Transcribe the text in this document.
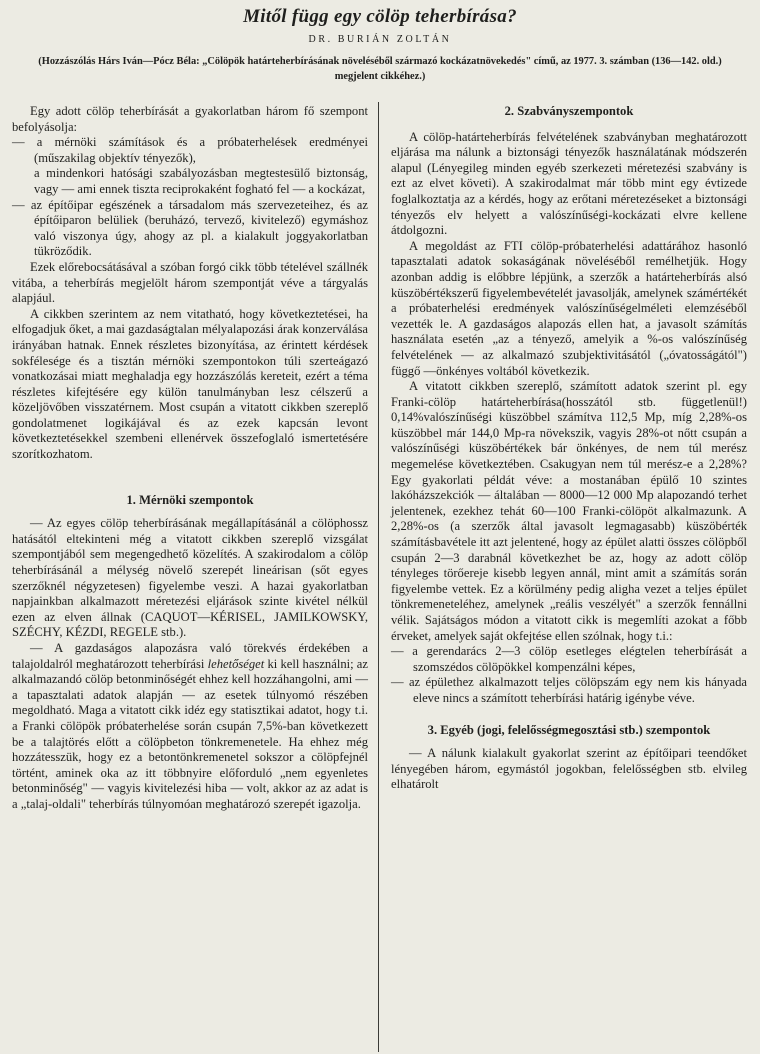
Mitől függ egy cölöp teherbírása?
DR. BURIÁN ZOLTÁN
(Hozzászólás Hárs Iván—Pócz Béla: „Cölöpök határteherbírásának növeléséből származó kockázatnövekedés" című, az 1977. 3. számban (136—142. old.) megjelent cikkéhez.)

Egy adott cölöp teherbírását a gyakorlatban három fő szempont befolyásolja:

— a mérnöki számítások és a próbaterhelések eredményei (műszakilag objektív tényezők),

a mindenkori hatósági szabályozásban megtestesülő biztonság, vagy — ami ennek tiszta reciprokaként fogható fel — a kockázat,

— az építőipar egészének a társadalom más szervezeteihez, és az építőiparon belüliek (beruházó, tervező, kivitelező) egymáshoz való viszonya úgy, ahogy az pl. a kialakult joggyakorlatban tükröződik.

Ezek előrebocsátásával a szóban forgó cikk több tételével szállnék vitába, a teherbírás megjelölt három szempontját véve a tárgyalás alapjául.

A cikkben szerintem az nem vitatható, hogy következtetései, ha elfogadjuk őket, a mai gazdaságtalan mélyalapozási árak konzerválása irányában hatnak. Ennek részletes bizonyítása, az érintett kérdések sokfélesége és a tisztán mérnöki szempontokon túli szerteágazó vonatkozásai miatt meghaladja egy hozzászólás kereteit, ezért a téma részletes kifejtésére egy külön tanulmányban lesz célszerű a közeljövőben visszatérnem. Most csupán a vitatott cikkben szereplő gondolatmenet logikájával és az ezek kapcsán levont következtetésekkel szembeni ellenérvek összefoglaló ismertetésére szorítkozhatom.

1. Mérnöki szempontok

— Az egyes cölöp teherbírásának megállapításánál a cölöphossz hatásától eltekinteni még a vitatott cikkben szereplő vizsgálat szempontjából sem megengedhető közelítés. A szakirodalom a cölöp teherbírásánál a mélység növelő szerepét lineárisan (sőt egyes szerzőknél négyzetesen) figyelembe veszi. A hazai gyakorlatban napjainkban alkalmazott méretezési eljárások szinte kivétel nélkül ezen az elven állnak (CAQUOT—KÉRISEL, JAMILKOWSKY, SZÉCHY, KÉZDI, REGELE stb.).

— A gazdaságos alapozásra való törekvés érdekében a talajoldalról meghatározott teherbírási lehetőséget ki kell használni; az alkalmazandó cölöp betonminőségét ehhez kell hozzáhangolni, ami — a tapasztalati adatok alapján — az esetek túlnyomó részében megoldható. Maga a vitatott cikk idéz egy statisztikai adatot, hogy t.i. a Franki cölöpök próbaterhelése során csupán 7,5%-ban következett be a talajtörés előtt a cölöpbeton tönkremenetele. Ha ehhez még hozzátesszük, hogy ez a betontönkremenetel sokszor a cölöpfejnél történt, aminek oka az itt többnyire előforduló „nem egyenletes betonminőség" — vagyis kivitelezési hiba — volt, akkor az az adat is a „talaj-oldali" teherbírás túlnyomóan meghatározó szerepét igazolja.

2. Szabványszempontok

A cölöp-határteherbírás felvételének szabványban meghatározott eljárása ma nálunk a biztonsági tényezők használatának módszerén alapul (Lényegileg minden egyéb szerkezeti méretezési szabvány is ezt az elvet követi). A szakirodalmat már több mint egy évtizede foglalkoztatja az a kérdés, hogy az erőtani méretezéseket a biztonsági tényezős elv helyett a valószínűségi-kockázati elvre kellene átdolgozni.

A megoldást az FTI cölöp-próbaterhelési adattárához hasonló tapasztalati adatok sokaságának növeléséből remélhetjük. Hogy azonban addig is előbbre lépjünk, a szerzők a határteherbírás alsó küszöbértékszerű figyelembevételét javasolják, amelynek számértékét a próbaterhelési eredmények valószínűségelméleti elemzéséből vezették le. A gazdaságos alapozás ellen hat, a javasolt számítás használata esetén „az a tényező, amelyik a %-os valószínűség felvételének — az alkalmazó szubjektivitásától („óvatosságától") függő —önkényes voltából következik.

A vitatott cikkben szereplő, számított adatok szerint pl. egy Franki-cölöp határteherbírása(hosszától stb. függetlenül!) 0,14%valószínűségi küszöbbel számítva 112,5 Mp, míg 2,28%-os küszöbbel már 144,0 Mp-ra növekszik, vagyis 28%-ot nőtt csupán a valószínűségi küszöbértékek bár önkényes, de nem túl merész megemelése következtében. Csakugyan nem túl merész-e a 2,28%? Egy gyakorlati példát véve: a mostanában épülő 10 szintes lakóházszekciók — általában — 8000—12 000 Mp alapozandó terhet jelentenek, ezekhez tehát 60—100 Franki-cölöpöt alkalmazunk. A 2,28%-os (a szerzők által javasolt legmagasabb) küszöbérték számításbavétele itt azt jelentené, hogy az épület alatti összes cölöpből csupán 2—3 darabnál következhet be az, hogy az adott cölöp tényleges törőereje kisebb legyen annál, mint amit a számítás során figyelembe vettek. Ez a körülmény pedig aligha vezet a teljes épület tönkremeneteléhez, amelynek „reális veszélyét" a szerzők fennállni vélik. Sajátságos módon a vitatott cikk is megemlíti azokat a főbb érveket, amelyek saját okfejtése ellen szólnak, hogy t.i.:

— a gerendarács 2—3 cölöp esetleges elégtelen teherbírását a szomszédos cölöpökkel kompenzálni képes,

— az épülethez alkalmazott teljes cölöpszám egy nem kis hányada eleve nincs a számított teherbírási határig igénybe véve.

3. Egyéb (jogi, felelősségmegosztási stb.) szempontok

— A nálunk kialakult gyakorlat szerint az építőipari teendőket lényegében három, egymástól jogokban, felelősségben stb. elvileg elhatárolt
